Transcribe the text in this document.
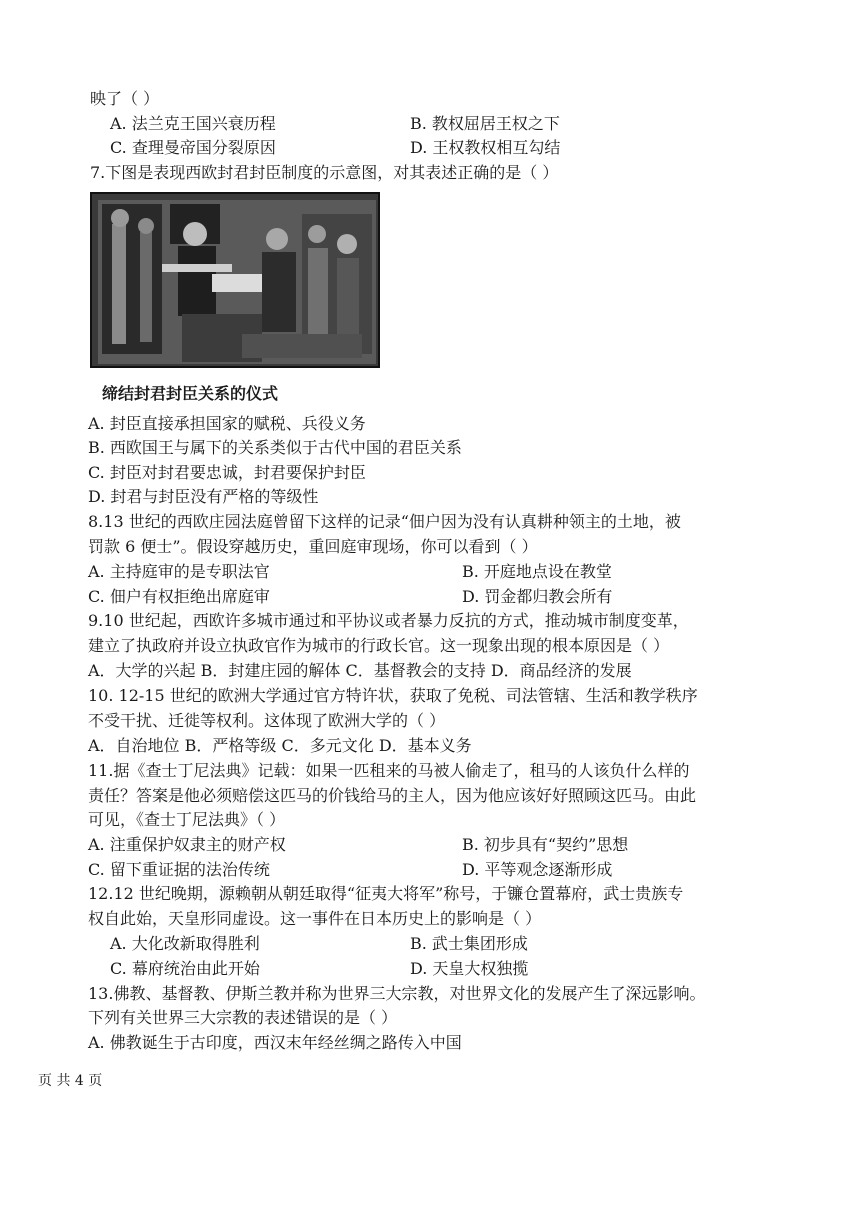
映了（ ）
A. 法兰克王国兴衰历程	B. 教权屈居王权之下
C. 查理曼帝国分裂原因	D. 王权教权相互勾结
7.下图是表现西欧封君封臣制度的示意图，对其表述正确的是（ ）
缔结封君封臣关系的仪式
A. 封臣直接承担国家的赋税、兵役义务
B. 西欧国王与属下的关系类似于古代中国的君臣关系
C. 封臣对封君要忠诚，封君要保护封臣
D. 封君与封臣没有严格的等级性
8.13 世纪的西欧庄园法庭曾留下这样的记录“佃户因为没有认真耕种领主的土地，被
罚款 6 便士”。假设穿越历史，重回庭审现场，你可以看到（ ）
A. 主持庭审的是专职法官	B. 开庭地点设在教堂
C. 佃户有权拒绝出席庭审	D. 罚金都归教会所有
9.10 世纪起，西欧许多城市通过和平协议或者暴力反抗的方式，推动城市制度变革，
建立了执政府并设立执政官作为城市的行政长官。这一现象出现的根本原因是（ ）
A．大学的兴起 B．封建庄园的解体 C．基督教会的支持 D．商品经济的发展
10. 12-15 世纪的欧洲大学通过官方特许状，获取了免税、司法管辖、生活和教学秩序
不受干扰、迁徙等权利。这体现了欧洲大学的（ ）
A．自治地位 B．严格等级 C．多元文化 D．基本义务
11.据《查士丁尼法典》记载：如果一匹租来的马被人偷走了，租马的人该负什么样的
责任？答案是他必须赔偿这匹马的价钱给马的主人，因为他应该好好照顾这匹马。由此
可见，《查士丁尼法典》（ ）
A. 注重保护奴隶主的财产权	B. 初步具有“契约”思想
C. 留下重证据的法治传统	D. 平等观念逐渐形成
12.12 世纪晚期，源赖朝从朝廷取得“征夷大将军”称号，于镰仓置幕府，武士贵族专
权自此始，天皇形同虚设。这一事件在日本历史上的影响是（ ）
A. 大化改新取得胜利	B. 武士集团形成
C. 幕府统治由此开始	D. 天皇大权独揽
13.佛教、基督教、伊斯兰教并称为世界三大宗教，对世界文化的发展产生了深远影响。
下列有关世界三大宗教的表述错误的是（ ）
A. 佛教诞生于古印度，西汉末年经丝绸之路传入中国
页 共 4 页
